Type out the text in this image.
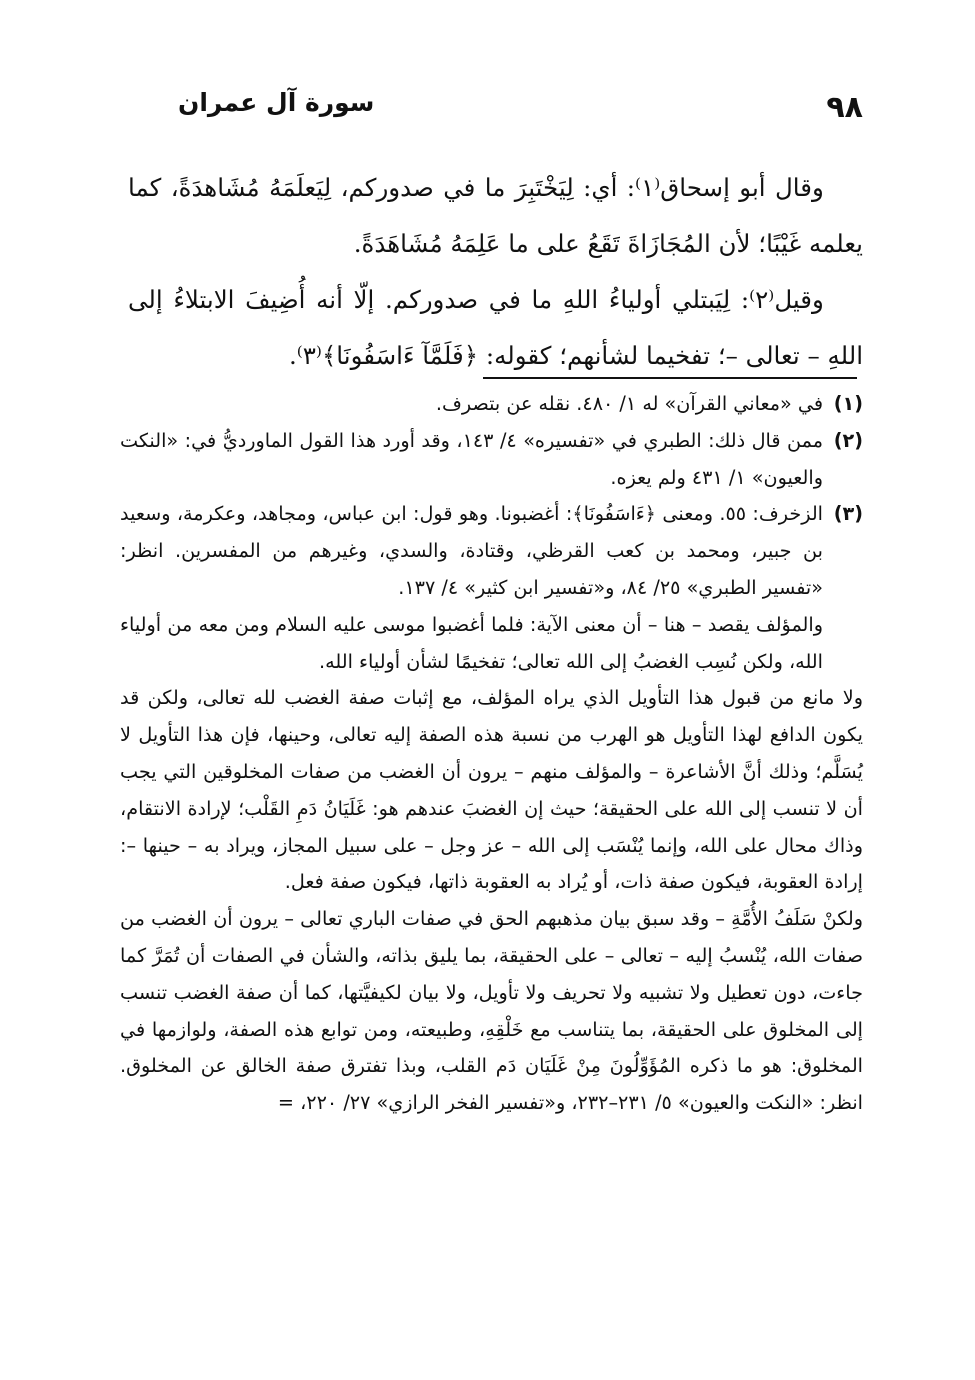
٩٨
سورة آل عمران

وقال أبو إسحاق⁽١⁾: أي: لِيَخْتَبِرَ ما في صدوركم، لِيَعلَمَهُ مُشَاهدَةً، كما يعلمه غَيْبًا؛ لأن المُجَازَاةَ تَقَعُ على ما عَلِمَهُ مُشَاهَدَةً.

وقيل⁽٢⁾: لِيَبتلي أولياءُ اللهِ ما في صدوركم. إلّا أنه أُضِيفَ الابتلاءُ إلى اللهِ – تعالى –؛ تفخيما لشأنهم؛ كقوله: ﴿فَلَمَّآ ءَاسَفُونَا﴾⁽٣⁾.

(١)

في «معاني القرآن» له ١/ ٤٨٠. نقله عن بتصرف.

(٢)

ممن قال ذلك: الطبري في «تفسيره» ٤/ ١٤٣، وقد أورد هذا القول الماورديُّ في: «النكت والعيون» ١/ ٤٣١ ولم يعزه.

(٣)

الزخرف: ٥٥. ومعنى ﴿ءَاسَفُونَا﴾: أغضبونا. وهو قول: ابن عباس، ومجاهد، وعكرمة، وسعيد بن جبير، ومحمد بن كعب القرظي، وقتادة، والسدي، وغيرهم من المفسرين. انظر: «تفسير الطبري» ٢٥/ ٨٤، و«تفسير ابن كثير» ٤/ ١٣٧.

والمؤلف يقصد – هنا – أن معنى الآية: فلما أغضبوا موسى عليه السلام ومن معه من أولياء الله، ولكن نُسِب الغضبُ إلى الله تعالى؛ تفخيمًا لشأن أولياء الله.

ولا مانع من قبول هذا التأويل الذي يراه المؤلف، مع إثبات صفة الغضب لله تعالى، ولكن قد يكون الدافع لهذا التأويل هو الهرب من نسبة هذه الصفة إليه تعالى، وحينها، فإن هذا التأويل لا يُسَلَّم؛ وذلك أنَّ الأشاعرة – والمؤلف منهم – يرون أن الغضب من صفات المخلوقين التي يجب أن لا تنسب إلى الله على الحقيقة؛ حيث إن الغضبَ عندهم هو: غَلَيَانُ دَمِ القَلْب؛ لإرادة الانتقام، وذاك محال على الله، وإنما يُنْسَب إلى الله – عز وجل – على سبيل المجاز، ويراد به – حينها –: إرادة العقوبة، فيكون صفة ذات، أو يُراد به العقوبة ذاتها، فيكون صفة فعل.

ولكنْ سَلَفُ الأُمَّةِ – وقد سبق بيان مذهبهم الحق في صفات الباري تعالى – يرون أن الغضب من صفات الله، يُنْسبُ إليه – تعالى – على الحقيقة، بما يليق بذاته، والشأن في الصفات أن تُمَرَّ كما جاءت، دون تعطيل ولا تشبيه ولا تحريف ولا تأويل، ولا بيان لكيفيَّتها، كما أن صفة الغضب تنسب إلى المخلوق على الحقيقة، بما يتناسب مع خَلْقِهِ، وطبيعته، ومن توابع هذه الصفة، ولوازمها في المخلوق: هو ما ذكره المُؤَوِّلُونَ مِنْ غَلَيَان دَم القلب، وبذا تفترق صفة الخالق عن المخلوق. انظر: «النكت والعيون» ٥/ ٢٣١–٢٣٢، و«تفسير الفخر الرازي» ٢٧/ ٢٢٠، =
